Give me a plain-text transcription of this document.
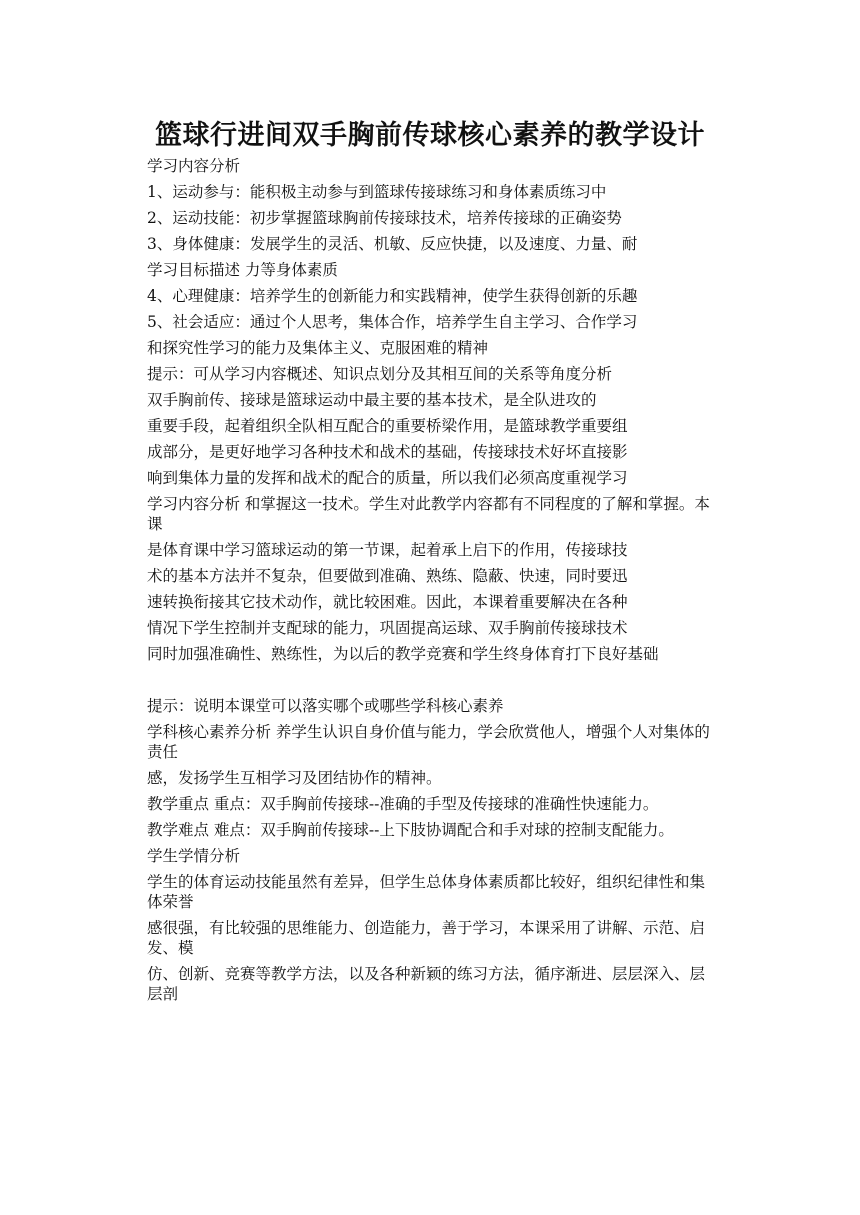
篮球行进间双手胸前传球核心素养的教学设计
学习内容分析
1、运动参与：能积极主动参与到篮球传接球练习和身体素质练习中
2、运动技能：初步掌握篮球胸前传接球技术，培养传接球的正确姿势
3、身体健康：发展学生的灵活、机敏、反应快捷，以及速度、力量、耐
学习目标描述 力等身体素质
4、心理健康：培养学生的创新能力和实践精神，使学生获得创新的乐趣
5、社会适应：通过个人思考，集体合作，培养学生自主学习、合作学习
和探究性学习的能力及集体主义、克服困难的精神
提示：可从学习内容概述、知识点划分及其相互间的关系等角度分析
双手胸前传、接球是篮球运动中最主要的基本技术，是全队进攻的
重要手段，起着组织全队相互配合的重要桥梁作用，是篮球教学重要组
成部分，是更好地学习各种技术和战术的基础，传接球技术好坏直接影
响到集体力量的发挥和战术的配合的质量，所以我们必须高度重视学习
学习内容分析 和掌握这一技术。学生对此教学内容都有不同程度的了解和掌握。本课
是体育课中学习篮球运动的第一节课，起着承上启下的作用，传接球技
术的基本方法并不复杂，但要做到准确、熟练、隐蔽、快速，同时要迅
速转换衔接其它技术动作，就比较困难。因此，本课着重要解决在各种
情况下学生控制并支配球的能力，巩固提高运球、双手胸前传接球技术
同时加强准确性、熟练性，为以后的教学竞赛和学生终身体育打下良好基础
提示：说明本课堂可以落实哪个或哪些学科核心素养
学科核心素养分析 养学生认识自身价值与能力，学会欣赏他人，增强个人对集体的责任
感，发扬学生互相学习及团结协作的精神。
教学重点 重点：双手胸前传接球--准确的手型及传接球的准确性快速能力。
教学难点 难点：双手胸前传接球--上下肢协调配合和手对球的控制支配能力。
学生学情分析
学生的体育运动技能虽然有差异，但学生总体身体素质都比较好，组织纪律性和集体荣誉
感很强，有比较强的思维能力、创造能力，善于学习，本课采用了讲解、示范、启发、模
仿、创新、竞赛等教学方法，以及各种新颖的练习方法，循序渐进、层层深入、层层剖
